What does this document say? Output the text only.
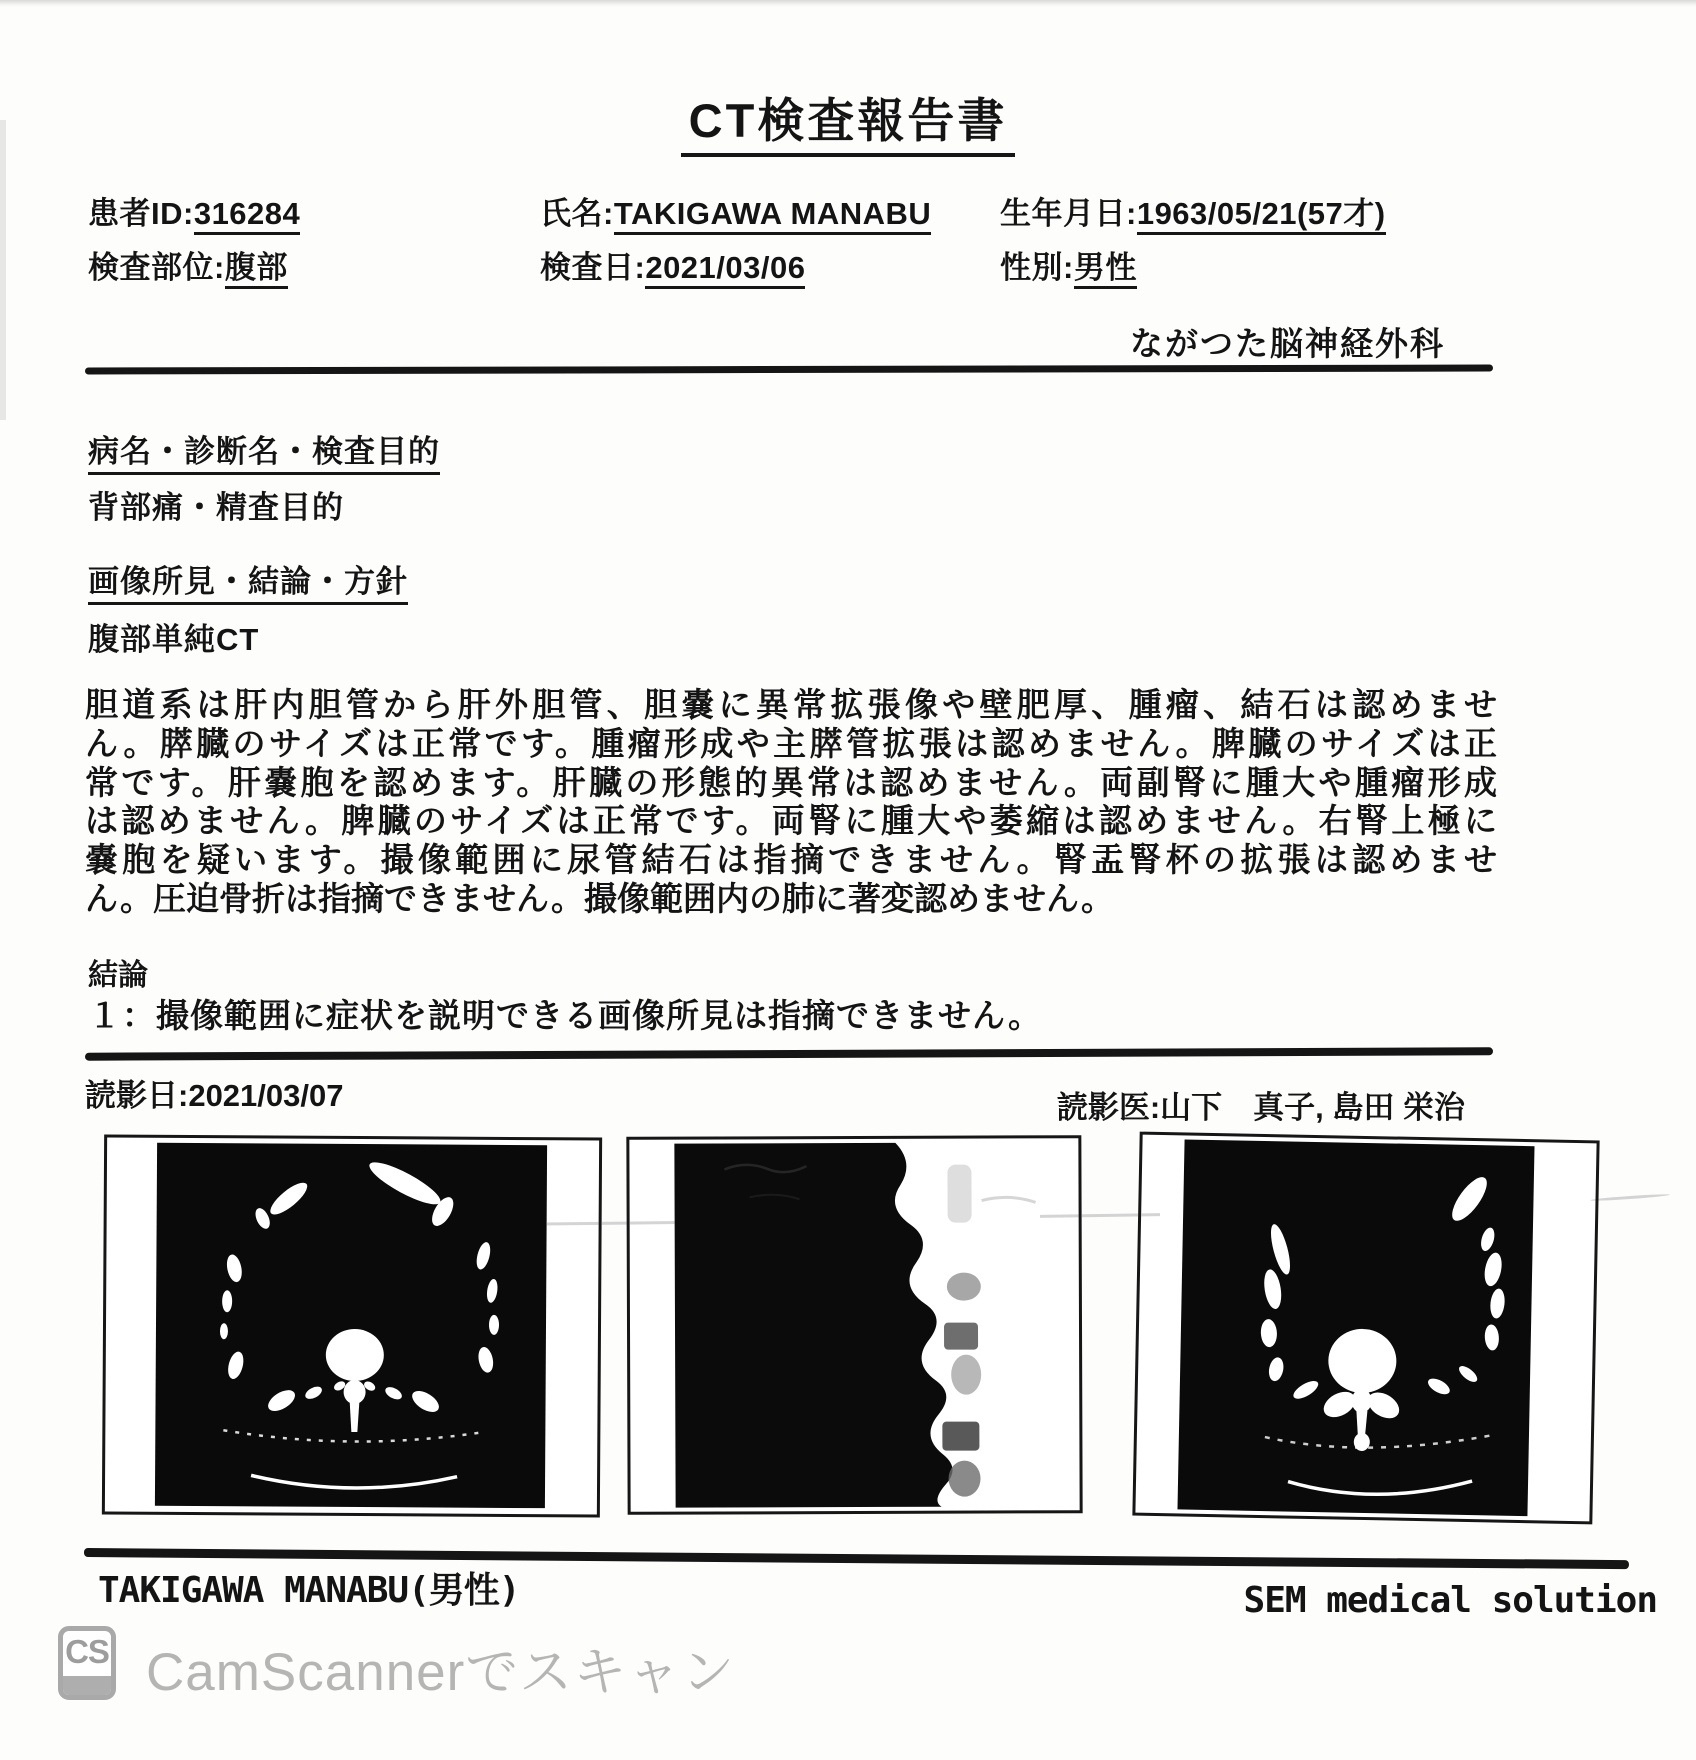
CT検査報告書
患者ID:316284
検査部位:腹部
氏名:TAKIGAWA MANABU
検査日:2021/03/06
生年月日:1963/05/21(57才)
性別:男性
ながつた脳神経外科
病名・診断名・検査目的
背部痛・精査目的
画像所見・結論・方針
腹部単純CT
胆道系は肝内胆管から肝外胆管、胆嚢に異常拡張像や壁肥厚、腫瘤、結石は認めませ
ん。膵臓のサイズは正常です。腫瘤形成や主膵管拡張は認めません。脾臓のサイズは正
常です。肝嚢胞を認めます。肝臓の形態的異常は認めません。両副腎に腫大や腫瘤形成
は認めません。脾臓のサイズは正常です。両腎に腫大や萎縮は認めません。右腎上極に
嚢胞を疑います。撮像範囲に尿管結石は指摘できません。腎盂腎杯の拡張は認めませ
ん。圧迫骨折は指摘できません。撮像範囲内の肺に著変認めません。
結論
１：撮像範囲に症状を説明できる画像所見は指摘できません。
読影日:2021/03/07	読影医:山下　真子, 島田 栄治
TAKIGAWA MANABU(男性)	SEM medical solution
CS CamScannerでスキャン
